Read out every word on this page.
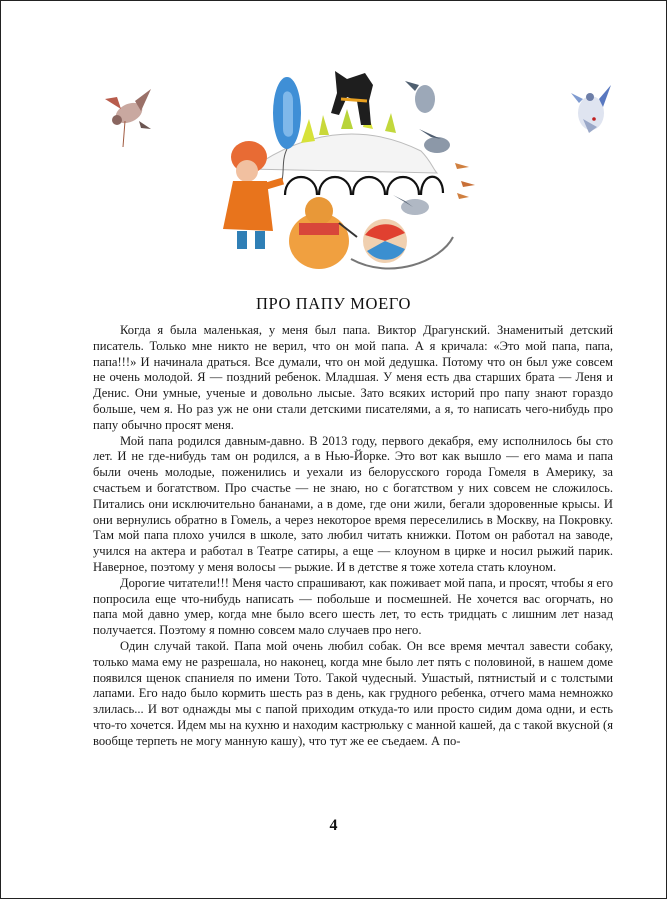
ПРО ПАПУ МОЕГО

Когда я была маленькая, у меня был папа. Виктор Драгунский. Знаменитый детский писатель. Только мне никто не верил, что он мой папа. А я кричала: «Это мой папа, папа, папа!!!» И начинала драться. Все думали, что он мой дедушка. Потому что он был уже совсем не очень молодой. Я — поздний ребенок. Младшая. У меня есть два старших брата — Леня и Денис. Они умные, ученые и довольно лысые. Зато всяких историй про папу знают гораздо больше, чем я. Но раз уж не они стали детскими писателями, а я, то написать чего-нибудь про папу обычно просят меня.

Мой папа родился давным-давно. В 2013 году, первого декабря, ему исполнилось бы сто лет. И не где-нибудь там он родился, а в Нью-Йорке. Это вот как вышло — его мама и папа были очень молодые, поженились и уехали из белорусского города Гомеля в Америку, за счастьем и богатством. Про счастье — не знаю, но с богатством у них совсем не сложилось. Питались они исключительно бананами, а в доме, где они жили, бегали здоровенные крысы. И они вернулись обратно в Гомель, а через некоторое время переселились в Москву, на Покровку. Там мой папа плохо учился в школе, зато любил читать книжки. Потом он работал на заводе, учился на актера и работал в Театре сатиры, а еще — клоуном в цирке и носил рыжий парик. Наверное, поэтому у меня волосы — рыжие. И в детстве я тоже хотела стать клоуном.

Дорогие читатели!!! Меня часто спрашивают, как поживает мой папа, и просят, чтобы я его попросила еще что-нибудь написать — побольше и посмешней. Не хочется вас огорчать, но папа мой давно умер, когда мне было всего шесть лет, то есть тридцать с лишним лет назад получается. Поэтому я помню совсем мало случаев про него.

Один случай такой. Папа мой очень любил собак. Он все время мечтал завести собаку, только мама ему не разрешала, но наконец, когда мне было лет пять с половиной, в нашем доме появился щенок спаниеля по имени Тото. Такой чудесный. Ушастый, пятнистый и с толстыми лапами. Его надо было кормить шесть раз в день, как грудного ребенка, отчего мама немножко злилась... И вот однажды мы с папой приходим откуда-то или просто сидим дома одни, и есть что-то хочется. Идем мы на кухню и находим кастрюльку с манной кашей, да с такой вкусной (я вообще терпеть не могу манную кашу), что тут же ее съедаем. А по-

4
